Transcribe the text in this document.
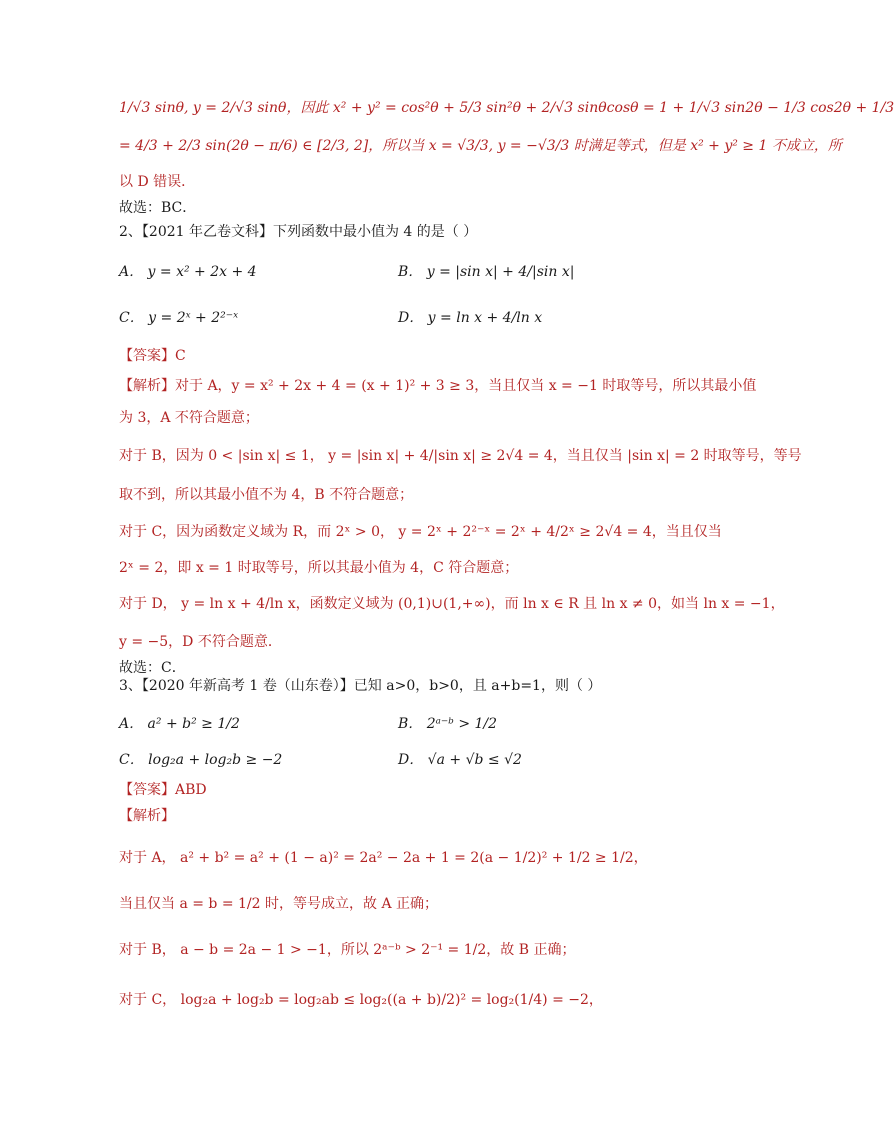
1/√3 sinθ, y = 2/√3 sinθ，因此 x² + y² = cos²θ + 5/3 sin²θ + 2/√3 sinθcosθ = 1 + 1/√3 sin2θ − 1/3 cos2θ + 1/3
= 4/3 + 2/3 sin(2θ − π/6) ∈ [2/3, 2]，所以当 x = √3/3, y = −√3/3 时满足等式，但是 x² + y² ≥ 1 不成立，所
以 D 错误．
故选：BC．
2、【2021 年乙卷文科】下列函数中最小值为 4 的是（ ）
A． y = x² + 2x + 4	B． y = |sin x| + 4/|sin x|
C． y = 2ˣ + 2²⁻ˣ	D． y = ln x + 4/ln x
【答案】C
【解析】对于 A，y = x² + 2x + 4 = (x + 1)² + 3 ≥ 3，当且仅当 x = −1 时取等号，所以其最小值
为 3，A 不符合题意；
对于 B，因为 0 < |sin x| ≤ 1， y = |sin x| + 4/|sin x| ≥ 2√4 = 4，当且仅当 |sin x| = 2 时取等号，等号
取不到，所以其最小值不为 4，B 不符合题意；
对于 C，因为函数定义域为 R，而 2ˣ > 0， y = 2ˣ + 2²⁻ˣ = 2ˣ + 4/2ˣ ≥ 2√4 = 4，当且仅当
2ˣ = 2，即 x = 1 时取等号，所以其最小值为 4，C 符合题意；
对于 D， y = ln x + 4/ln x，函数定义域为 (0,1)∪(1,+∞)，而 ln x ∈ R 且 ln x ≠ 0，如当 ln x = −1，
y = −5，D 不符合题意．
故选：C．
3、【2020 年新高考 1 卷（山东卷）】已知 a>0，b>0，且 a+b=1，则（ ）
A． a² + b² ≥ 1/2	B． 2ᵃ⁻ᵇ > 1/2
C． log₂a + log₂b ≥ −2	D． √a + √b ≤ √2
【答案】ABD
【解析】
对于 A， a² + b² = a² + (1 − a)² = 2a² − 2a + 1 = 2(a − 1/2)² + 1/2 ≥ 1/2，
当且仅当 a = b = 1/2 时，等号成立，故 A 正确；
对于 B， a − b = 2a − 1 > −1，所以 2ᵃ⁻ᵇ > 2⁻¹ = 1/2，故 B 正确；
对于 C， log₂a + log₂b = log₂ab ≤ log₂((a + b)/2)² = log₂(1/4) = −2，
